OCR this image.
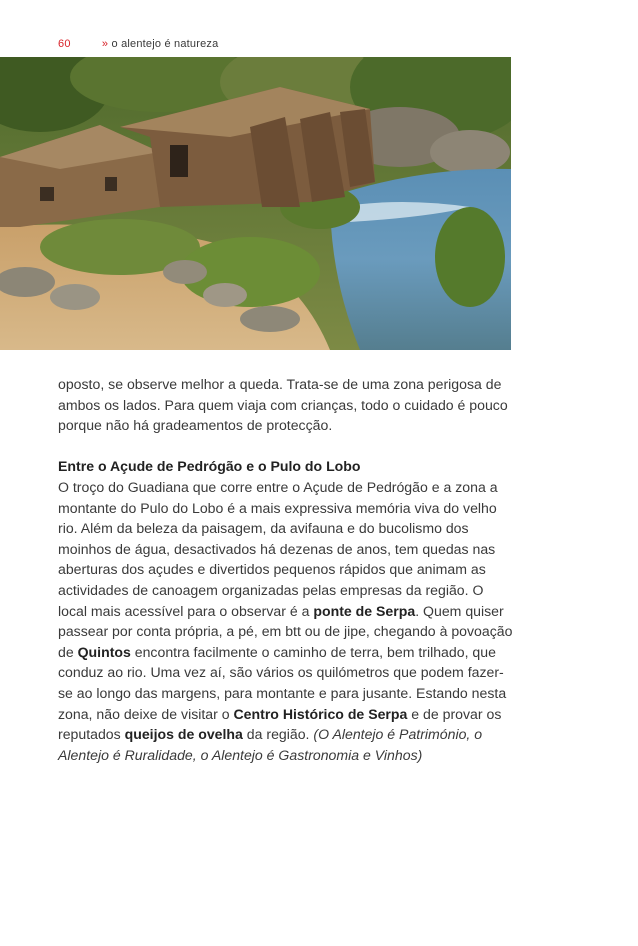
60	» o alentejo é natureza

oposto, se observe melhor a queda. Trata-se de uma zona perigosa de ambos os lados. Para quem viaja com crianças, todo o cuidado é pouco porque não há gradeamentos de protecção.

Entre o Açude de Pedrógão e o Pulo do Lobo

O troço do Guadiana que corre entre o Açude de Pedrógão e a zona a montante do Pulo do Lobo é a mais expressiva memória viva do velho rio. Além da beleza da paisagem, da avifauna e do bucolismo dos moinhos de água, desactivados há dezenas de anos, tem quedas nas aberturas dos açudes e divertidos pequenos rápidos que animam as actividades de canoagem organizadas pelas empresas da região. O local mais acessível para o observar é a ponte de Serpa. Quem quiser passear por conta própria, a pé, em btt ou de jipe, chegando à povoação de Quintos encontra facilmente o caminho de terra, bem trilhado, que conduz ao rio. Uma vez aí, são vários os quilómetros que podem fazer-se ao longo das margens, para montante e para jusante. Estando nesta zona, não deixe de visitar o Centro Histórico de Serpa e de provar os reputados queijos de ovelha da região. (O Alentejo é Património, o Alentejo é Ruralidade, o Alentejo é Gastronomia e Vinhos)
